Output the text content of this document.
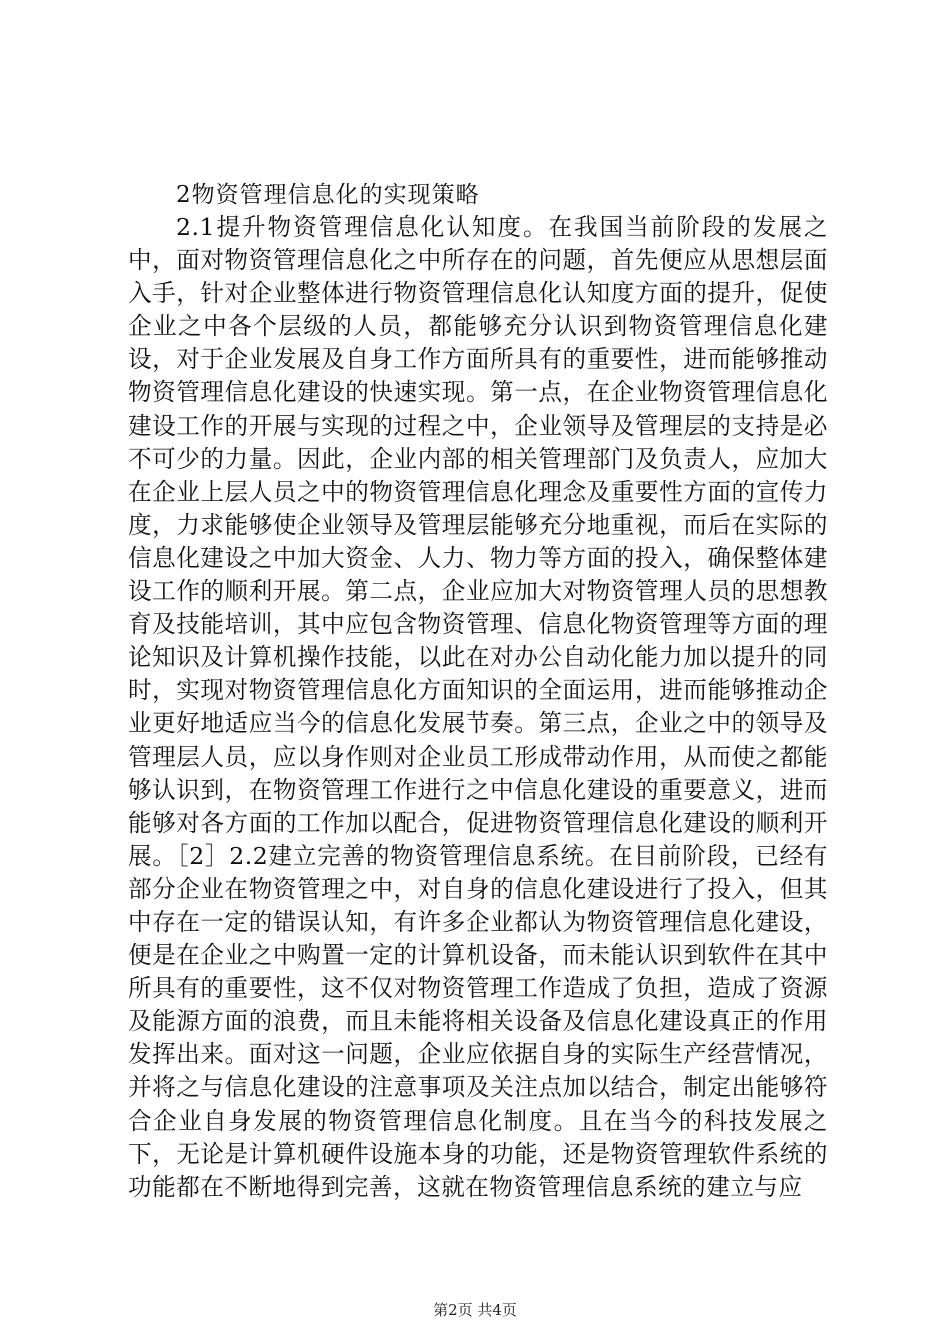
2物资管理信息化的实现策略

2.1提升物资管理信息化认知度。在我国当前阶段的发展之中，面对物资管理信息化之中所存在的问题，首先便应从思想层面入手，针对企业整体进行物资管理信息化认知度方面的提升，促使企业之中各个层级的人员，都能够充分认识到物资管理信息化建设，对于企业发展及自身工作方面所具有的重要性，进而能够推动物资管理信息化建设的快速实现。第一点，在企业物资管理信息化建设工作的开展与实现的过程之中，企业领导及管理层的支持是必不可少的力量。因此，企业内部的相关管理部门及负责人，应加大在企业上层人员之中的物资管理信息化理念及重要性方面的宣传力度，力求能够使企业领导及管理层能够充分地重视，而后在实际的信息化建设之中加大资金、人力、物力等方面的投入，确保整体建设工作的顺利开展。第二点，企业应加大对物资管理人员的思想教育及技能培训，其中应包含物资管理、信息化物资管理等方面的理论知识及计算机操作技能，以此在对办公自动化能力加以提升的同时，实现对物资管理信息化方面知识的全面运用，进而能够推动企业更好地适应当今的信息化发展节奏。第三点，企业之中的领导及管理层人员，应以身作则对企业员工形成带动作用，从而使之都能够认识到，在物资管理工作进行之中信息化建设的重要意义，进而能够对各方面的工作加以配合，促进物资管理信息化建设的顺利开展。［2］2.2建立完善的物资管理信息系统。在目前阶段，已经有部分企业在物资管理之中，对自身的信息化建设进行了投入，但其中存在一定的错误认知，有许多企业都认为物资管理信息化建设，便是在企业之中购置一定的计算机设备，而未能认识到软件在其中所具有的重要性，这不仅对物资管理工作造成了负担，造成了资源及能源方面的浪费，而且未能将相关设备及信息化建设真正的作用发挥出来。面对这一问题，企业应依据自身的实际生产经营情况，并将之与信息化建设的注意事项及关注点加以结合，制定出能够符合企业自身发展的物资管理信息化制度。且在当今的科技发展之下，无论是计算机硬件设施本身的功能，还是物资管理软件系统的功能都在不断地得到完善，这就在物资管理信息系统的建立与应

第2页 共4页
